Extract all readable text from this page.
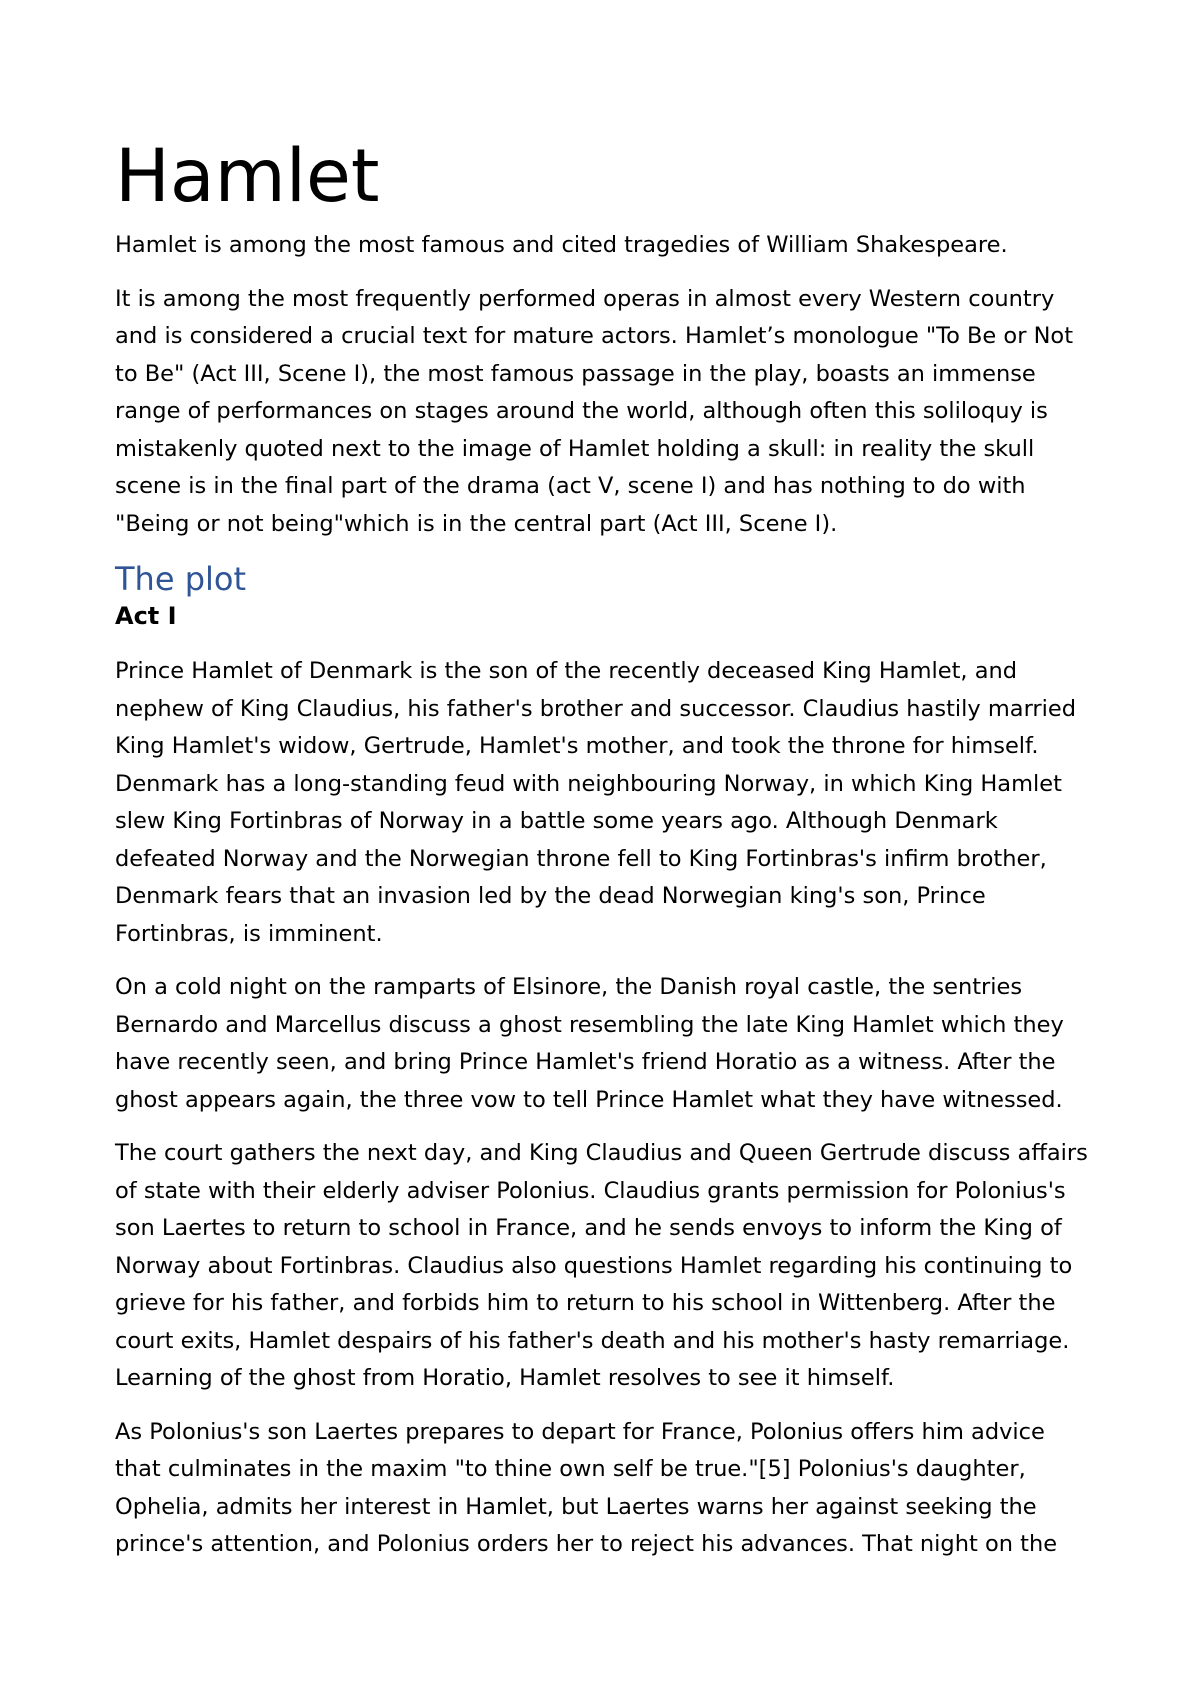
Hamlet

Hamlet is among the most famous and cited tragedies of William Shakespeare.

It is among the most frequently performed operas in almost every Western country
and is considered a crucial text for mature actors. Hamlet’s monologue "To Be or Not
to Be" (Act III, Scene I), the most famous passage in the play, boasts an immense
range of performances on stages around the world, although often this soliloquy is
mistakenly quoted next to the image of Hamlet holding a skull: in reality the skull
scene is in the final part of the drama (act V, scene I) and has nothing to do with
"Being or not being"which is in the central part (Act III, Scene I).

The plot
Act I

Prince Hamlet of Denmark is the son of the recently deceased King Hamlet, and
nephew of King Claudius, his father's brother and successor. Claudius hastily married
King Hamlet's widow, Gertrude, Hamlet's mother, and took the throne for himself.
Denmark has a long-standing feud with neighbouring Norway, in which King Hamlet
slew King Fortinbras of Norway in a battle some years ago. Although Denmark
defeated Norway and the Norwegian throne fell to King Fortinbras's infirm brother,
Denmark fears that an invasion led by the dead Norwegian king's son, Prince
Fortinbras, is imminent.

On a cold night on the ramparts of Elsinore, the Danish royal castle, the sentries
Bernardo and Marcellus discuss a ghost resembling the late King Hamlet which they
have recently seen, and bring Prince Hamlet's friend Horatio as a witness. After the
ghost appears again, the three vow to tell Prince Hamlet what they have witnessed.

The court gathers the next day, and King Claudius and Queen Gertrude discuss affairs
of state with their elderly adviser Polonius. Claudius grants permission for Polonius's
son Laertes to return to school in France, and he sends envoys to inform the King of
Norway about Fortinbras. Claudius also questions Hamlet regarding his continuing to
grieve for his father, and forbids him to return to his school in Wittenberg. After the
court exits, Hamlet despairs of his father's death and his mother's hasty remarriage.
Learning of the ghost from Horatio, Hamlet resolves to see it himself.

As Polonius's son Laertes prepares to depart for France, Polonius offers him advice
that culminates in the maxim "to thine own self be true."[5] Polonius's daughter,
Ophelia, admits her interest in Hamlet, but Laertes warns her against seeking the
prince's attention, and Polonius orders her to reject his advances. That night on the
